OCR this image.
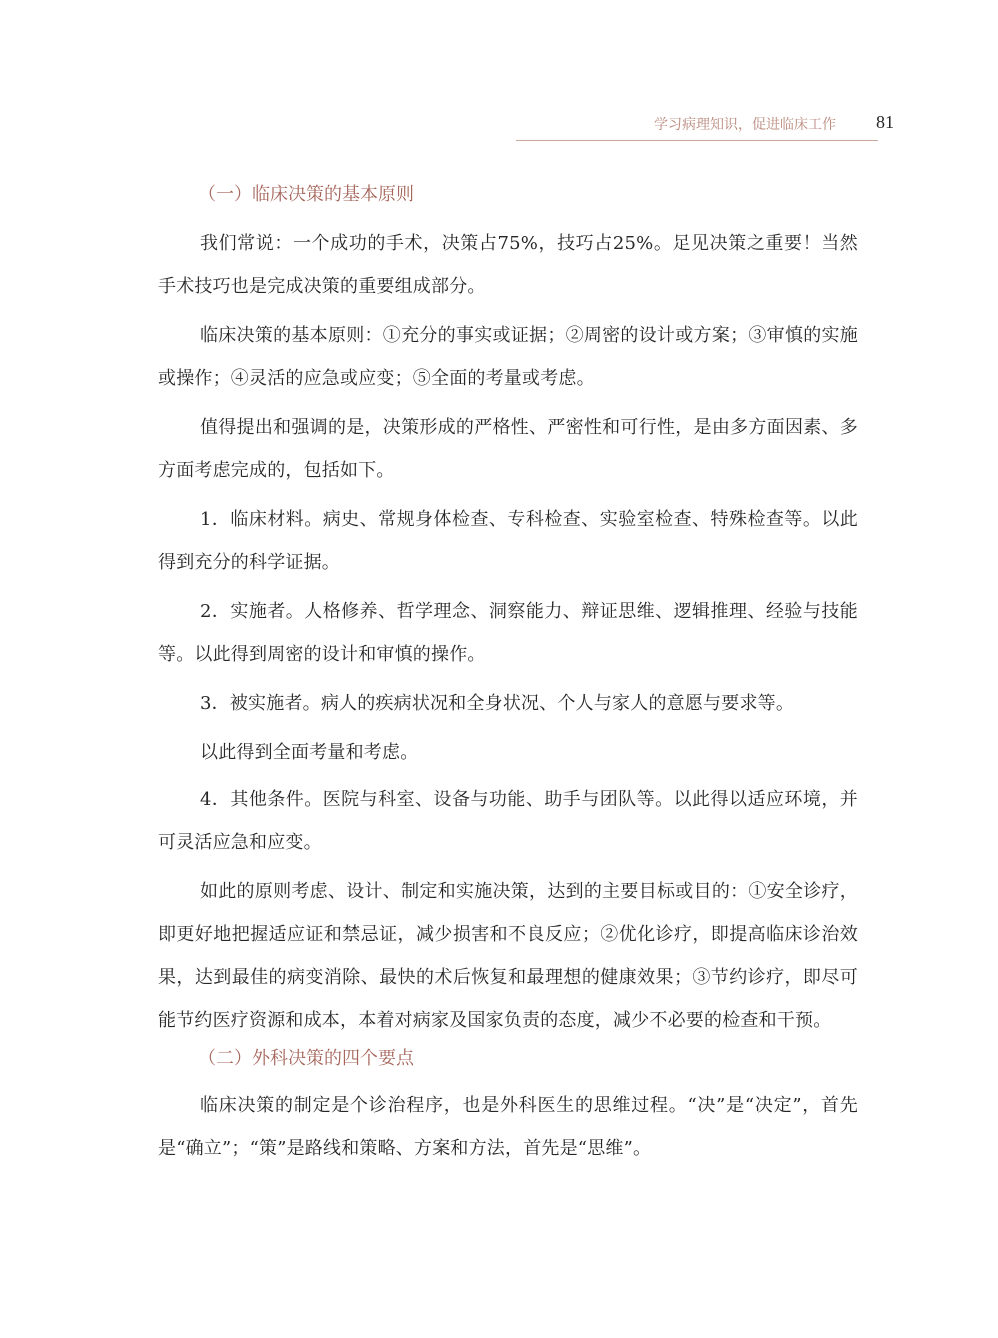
学习病理知识，促进临床工作 81
（一）临床决策的基本原则

我们常说：一个成功的手术，决策占75%，技巧占25%。足见决策之重要！当然手术技巧也是完成决策的重要组成部分。

临床决策的基本原则：①充分的事实或证据；②周密的设计或方案；③审慎的实施或操作；④灵活的应急或应变；⑤全面的考量或考虑。

值得提出和强调的是，决策形成的严格性、严密性和可行性，是由多方面因素、多方面考虑完成的，包括如下。

1．临床材料。病史、常规身体检查、专科检查、实验室检查、特殊检查等。以此得到充分的科学证据。

2．实施者。人格修养、哲学理念、洞察能力、辩证思维、逻辑推理、经验与技能等。以此得到周密的设计和审慎的操作。

3．被实施者。病人的疾病状况和全身状况、个人与家人的意愿与要求等。

以此得到全面考量和考虑。

4．其他条件。医院与科室、设备与功能、助手与团队等。以此得以适应环境，并可灵活应急和应变。

如此的原则考虑、设计、制定和实施决策，达到的主要目标或目的：①安全诊疗，即更好地把握适应证和禁忌证，减少损害和不良反应；②优化诊疗，即提高临床诊治效果，达到最佳的病变消除、最快的术后恢复和最理想的健康效果；③节约诊疗，即尽可能节约医疗资源和成本，本着对病家及国家负责的态度，减少不必要的检查和干预。

（二）外科决策的四个要点

临床决策的制定是个诊治程序，也是外科医生的思维过程。“决”是“决定”，首先是“确立”；“策”是路线和策略、方案和方法，首先是“思维”。
